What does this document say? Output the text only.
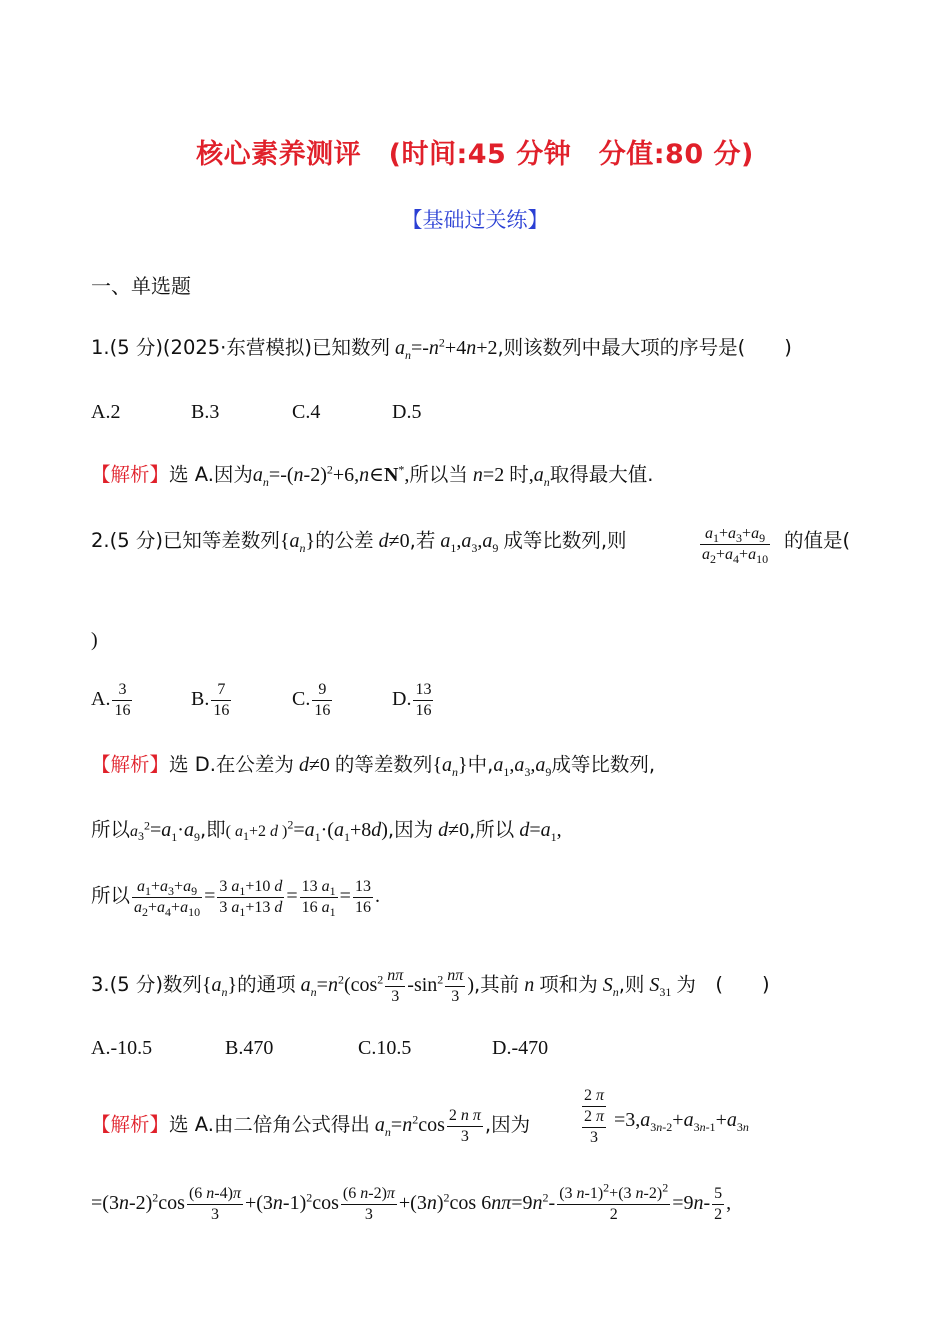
核心素养测评　(时间:45 分钟　分值:80 分)
【基础过关练】
一、单选题
1.(5 分)(2025·东营模拟)已知数列 $a_n=-n^2+4n+2$,则该数列中最大项的序号是(　　)
A.2	B.3	C.4	D.5
【解析】选 A.因为$a_n=-(n-2)^2+6,n\in N^*$,所以当 n=2 时$,a_n$取得最大值.
2.(5 分)已知等差数列$\{a_n\}$的公差 d≠0,若 $a_1,a_3,a_9$ 成等比数列,则	$\frac{a_1+a_3+a_9}{a_2+a_4+a_{10}}$ 的值是(
)
A. $\frac{3}{16}$	B. $\frac{7}{16}$	C. $\frac{9}{16}$	D. $\frac{13}{16}$
【解析】选 D.在公差为 d≠0 的等差数列$\{a_n\}$中$,a_1,a_3,a_9$成等比数列,
所以$a_3^2=a_1\cdot a_9$,即( $a_1+2$ d )$^2=a_1\cdot(a_1+8d)$,因为 d≠0,所以 $d=a_1$,
所以 $\frac{a_1+a_3+a_9}{a_2+a_4+a_{10}} = \frac{3 a_1+10 d}{3 a_1+13 d} = \frac{13 a_1}{16 a_1} = \frac{13}{16}$ .
3.(5 分)数列$\{a_n\}$的通项 $a_n=n^2(\cos^2 \frac{n\pi}{3} -\sin^2 \frac{n\pi}{3}$ ),其前 n 项和为 $S_n$,则 $S_{31}$ 为　(　　)
A.-10.5	B.470	C.10.5	D.-470
【解析】选 A.由二倍角公式得出 $a_n=n^2\cos \frac{\text{2 n π}}{3}$ ,因为
2 π
2 π
3
$=3,a_{3n-2}+a_{3n-1}+a_{3n}$
$=(3n-2)^2\cos \frac{(6 n-4)\pi}{3} +(3n-1)^2\cos \frac{(6 n-2)\pi}{3} +(3n)^2\cos$ $6n\pi=9n^2- \frac{(3 n-1)^2+(3 n-2)^2}{2} =9n- \frac{5}{2}$ ,
